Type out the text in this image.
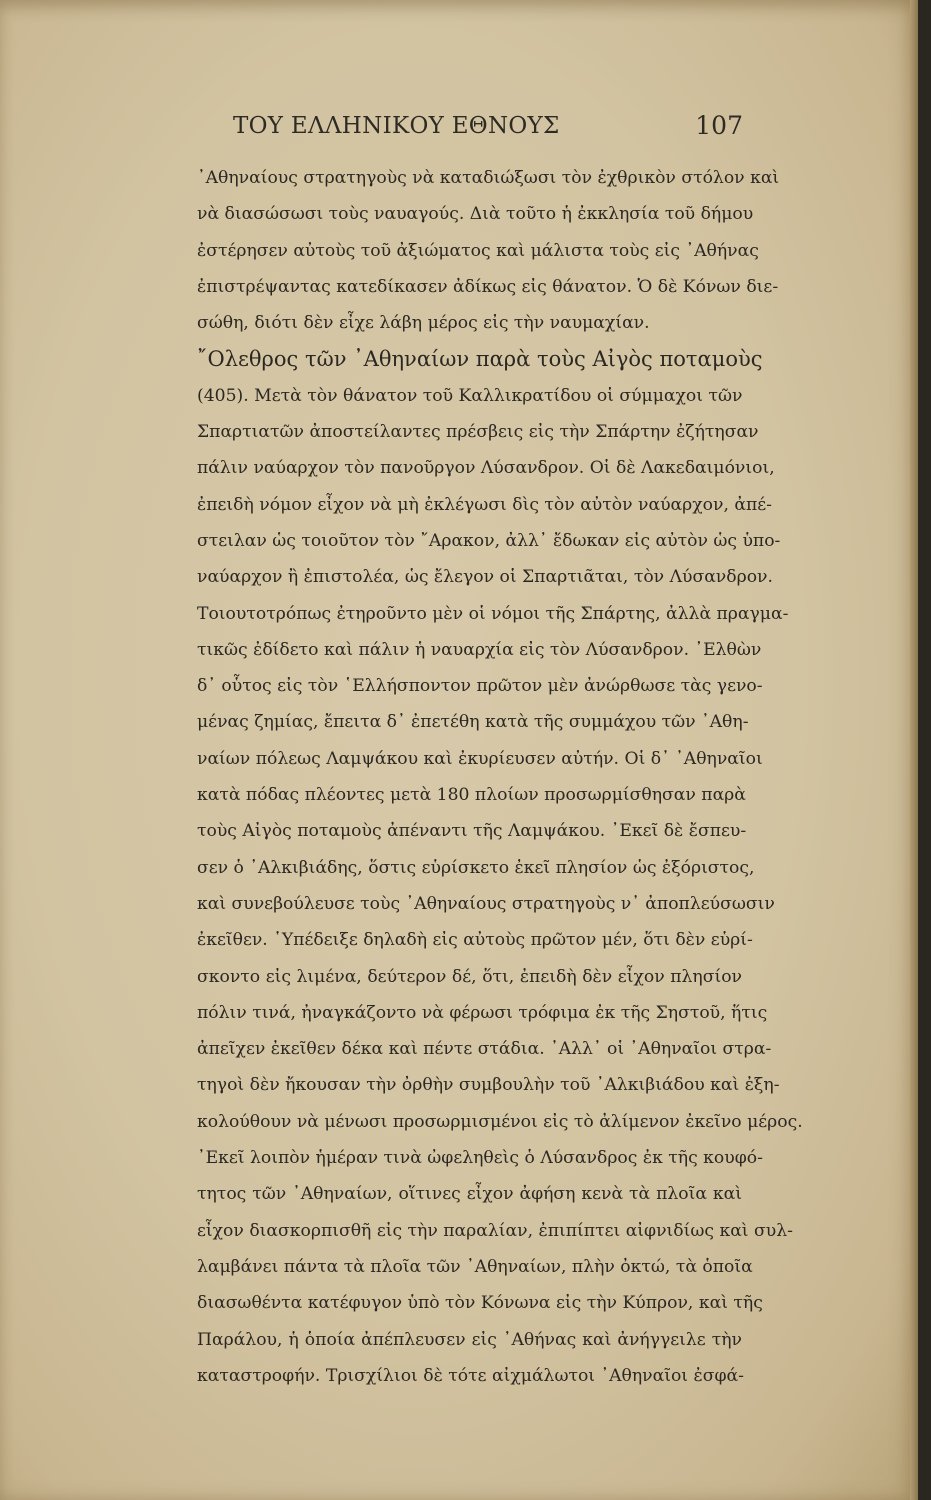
ΤΟΥ ΕΛΛΗΝΙΚΟΥ ΕΘΝΟΥΣ	107
᾽Αθηναίους στρατηγοὺς νὰ καταδιώξωσι τὸν ἐχθρικὸν στόλον καὶ
νὰ διασώσωσι τοὺς ναυαγούς. Διὰ τοῦτο ἡ ἐκκλησία τοῦ δήμου
ἐστέρησεν αὐτοὺς τοῦ ἀξιώματος καὶ μάλιστα τοὺς εἰς ᾽Αθήνας
ἐπιστρέψαντας κατεδίκασεν ἀδίκως εἰς θάνατον. Ὁ δὲ Κόνων διε-
σώθη, διότι δὲν εἶχε λάβη μέρος εἰς τὴν ναυμαχίαν.
῎Ολεθρος τῶν ᾽Αθηναίων παρὰ τοὺς Αἰγὸς ποταμοὺς
(405). Μετὰ τὸν θάνατον τοῦ Καλλικρατίδου οἱ σύμμαχοι τῶν
Σπαρτιατῶν ἀποστείλαντες πρέσβεις εἰς τὴν Σπάρτην ἐζήτησαν
πάλιν ναύαρχον τὸν πανοῦργον Λύσανδρον. Οἱ δὲ Λακεδαιμόνιοι,
ἐπειδὴ νόμον εἶχον νὰ μὴ ἐκλέγωσι δὶς τὸν αὐτὸν ναύαρχον, ἀπέ-
στειλαν ὡς τοιοῦτον τὸν ῎Αρακον, ἀλλ᾽ ἔδωκαν εἰς αὐτὸν ὡς ὑπο-
ναύαρχον ἢ ἐπιστολέα, ὡς ἔλεγον οἱ Σπαρτιᾶται, τὸν Λύσανδρον.
Τοιουτοτρόπως ἐτηροῦντο μὲν οἱ νόμοι τῆς Σπάρτης, ἀλλὰ πραγμα-
τικῶς ἐδίδετο καὶ πάλιν ἡ ναυαρχία εἰς τὸν Λύσανδρον. ᾽Ελθὼν
δ᾽ οὗτος εἰς τὸν ῾Ελλήσποντον πρῶτον μὲν ἀνώρθωσε τὰς γενο-
μένας ζημίας, ἔπειτα δ᾽ ἐπετέθη κατὰ τῆς συμμάχου τῶν ᾽Αθη-
ναίων πόλεως Λαμψάκου καὶ ἐκυρίευσεν αὐτήν. Οἱ δ᾽ ᾽Αθηναῖοι
κατὰ πόδας πλέοντες μετὰ 180 πλοίων προσωρμίσθησαν παρὰ
τοὺς Αἰγὸς ποταμοὺς ἀπέναντι τῆς Λαμψάκου. ᾽Εκεῖ δὲ ἔσπευ-
σεν ὁ ᾽Αλκιβιάδης, ὅστις εὑρίσκετο ἐκεῖ πλησίον ὡς ἐξόριστος,
καὶ συνεβούλευσε τοὺς ᾽Αθηναίους στρατηγοὺς ν᾽ ἀποπλεύσωσιν
ἐκεῖθεν. ῾Υπέδειξε δηλαδὴ εἰς αὐτοὺς πρῶτον μέν, ὅτι δὲν εὑρί-
σκοντο εἰς λιμένα, δεύτερον δέ, ὅτι, ἐπειδὴ δὲν εἶχον πλησίον
πόλιν τινά, ἠναγκάζοντο νὰ φέρωσι τρόφιμα ἐκ τῆς Σηστοῦ, ἥτις
ἀπεῖχεν ἐκεῖθεν δέκα καὶ πέντε στάδια. ᾽Αλλ᾽ οἱ ᾽Αθηναῖοι στρα-
τηγοὶ δὲν ἤκουσαν τὴν ὀρθὴν συμβουλὴν τοῦ ᾽Αλκιβιάδου καὶ ἐξη-
κολούθουν νὰ μένωσι προσωρμισμένοι εἰς τὸ ἀλίμενον ἐκεῖνο μέρος.
᾽Εκεῖ λοιπὸν ἡμέραν τινὰ ὠφεληθεὶς ὁ Λύσανδρος ἐκ τῆς κουφό-
τητος τῶν ᾽Αθηναίων, οἵτινες εἶχον ἀφήση κενὰ τὰ πλοῖα καὶ
εἶχον διασκορπισθῆ εἰς τὴν παραλίαν, ἐπιπίπτει αἰφνιδίως καὶ συλ-
λαμβάνει πάντα τὰ πλοῖα τῶν ᾽Αθηναίων, πλὴν ὀκτώ, τὰ ὁποῖα
διασωθέντα κατέφυγον ὑπὸ τὸν Κόνωνα εἰς τὴν Κύπρον, καὶ τῆς
Παράλου, ἡ ὁποία ἀπέπλευσεν εἰς ᾽Αθήνας καὶ ἀνήγγειλε τὴν
καταστροφήν. Τρισχίλιοι δὲ τότε αἰχμάλωτοι ᾽Αθηναῖοι ἐσφά-
